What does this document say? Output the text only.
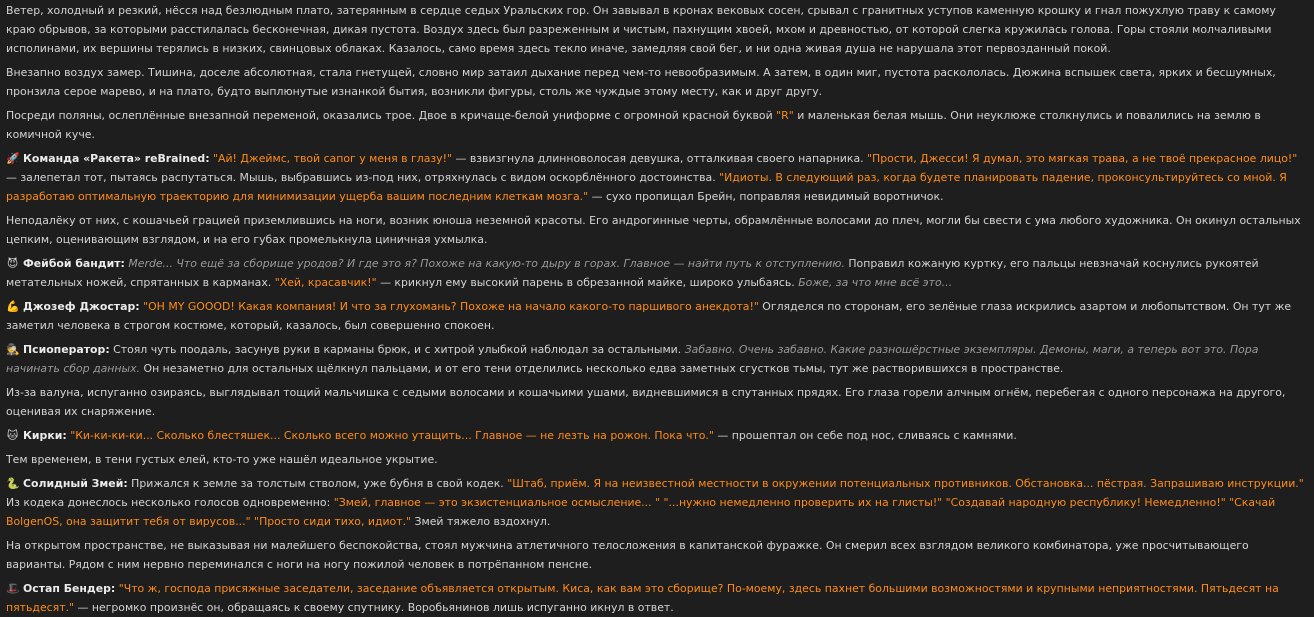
Ветер, холодный и резкий, нёсся над безлюдным плато, затерянным в сердце седых Уральских гор. Он завывал в кронах вековых сосен, срывал с гранитных уступов каменную крошку и гнал пожухлую траву к самому краю обрывов, за которыми расстилалась бесконечная, дикая пустота. Воздух здесь был разреженным и чистым, пахнущим хвоей, мхом и древностью, от которой слегка кружилась голова. Горы стояли молчаливыми исполинами, их вершины терялись в низких, свинцовых облаках. Казалось, само время здесь текло иначе, замедляя свой бег, и ни одна живая душа не нарушала этот первозданный покой.

Внезапно воздух замер. Тишина, доселе абсолютная, стала гнетущей, словно мир затаил дыхание перед чем-то невообразимым. А затем, в один миг, пустота раскололась. Дюжина вспышек света, ярких и бесшумных, пронзила серое марево, и на плато, будто выплюнутые изнанкой бытия, возникли фигуры, столь же чуждые этому месту, как и друг другу.

Посреди поляны, ослеплённые внезапной переменой, оказались трое. Двое в кричаще-белой униформе с огромной красной буквой "R" и маленькая белая мышь. Они неуклюже столкнулись и повалились на землю в комичной куче.

🚀 Команда «Ракета» reBrained: "Ай! Джеймс, твой сапог у меня в глазу!" — взвизгнула длинноволосая девушка, отталкивая своего напарника. "Прости, Джесси! Я думал, это мягкая трава, а не твоё прекрасное лицо!" — залепетал тот, пытаясь распутаться. Мышь, выбравшись из-под них, отряхнулась с видом оскорблённого достоинства. "Идиоты. В следующий раз, когда будете планировать падение, проконсультируйтесь со мной. Я разработаю оптимальную траекторию для минимизации ущерба вашим последним клеткам мозга." — сухо пропищал Брейн, поправляя невидимый воротничок.

Неподалёку от них, с кошачьей грацией приземлившись на ноги, возник юноша неземной красоты. Его андрогинные черты, обрамлённые волосами до плеч, могли бы свести с ума любого художника. Он окинул остальных цепким, оценивающим взглядом, и на его губах промелькнула циничная ухмылка.

😈 Фейбой бандит: Merde... Что ещё за сборище уродов? И где это я? Похоже на какую-то дыру в горах. Главное — найти путь к отступлению. Поправил кожаную куртку, его пальцы невзначай коснулись рукоятей метательных ножей, спрятанных в карманах. "Хей, красавчик!" — крикнул ему высокий парень в обрезанной майке, широко улыбаясь. Боже, за что мне всё это...

💪 Джозеф Джостар: "OH MY GOOOD! Какая компания! И что за глухомань? Похоже на начало какого-то паршивого анекдота!" Огляделся по сторонам, его зелёные глаза искрились азартом и любопытством. Он тут же заметил человека в строгом костюме, который, казалось, был совершенно спокоен.

🕵 Псиоператор: Стоял чуть поодаль, засунув руки в карманы брюк, и с хитрой улыбкой наблюдал за остальными. Забавно. Очень забавно. Какие разношёрстные экземпляры. Демоны, маги, а теперь вот это. Пора начинать сбор данных. Он незаметно для остальных щёлкнул пальцами, и от его тени отделились несколько едва заметных сгустков тьмы, тут же растворившихся в пространстве.

Из-за валуна, испуганно озираясь, выглядывал тощий мальчишка с седыми волосами и кошачьими ушами, видневшимися в спутанных прядях. Его глаза горели алчным огнём, перебегая с одного персонажа на другого, оценивая их снаряжение.

🐱 Кирки: "Ки-ки-ки-ки... Сколько блестяшек... Сколько всего можно утащить... Главное — не лезть на рожон. Пока что." — прошептал он себе под нос, сливаясь с камнями.

Тем временем, в тени густых елей, кто-то уже нашёл идеальное укрытие.

🐍 Солидный Змей: Прижался к земле за толстым стволом, уже бубня в свой кодек. "Штаб, приём. Я на неизвестной местности в окружении потенциальных противников. Обстановка... пёстрая. Запрашиваю инструкции." Из кодека донеслось несколько голосов одновременно: "Змей, главное — это экзистенциальное осмысление... " "...нужно немедленно проверить их на глисты!" "Создавай народную республику! Немедленно!" "Скачай BolgenOS, она защитит тебя от вирусов..." "Просто сиди тихо, идиот." Змей тяжело вздохнул.

На открытом пространстве, не выказывая ни малейшего беспокойства, стоял мужчина атлетичного телосложения в капитанской фуражке. Он смерил всех взглядом великого комбинатора, уже просчитывающего варианты. Рядом с ним нервно переминался с ноги на ногу пожилой человек в потрёпанном пенсне.

🎩 Остап Бендер: "Что ж, господа присяжные заседатели, заседание объявляется открытым. Киса, как вам это сборище? По-моему, здесь пахнет большими возможностями и крупными неприятностями. Пятьдесят на пятьдесят." — негромко произнёс он, обращаясь к своему спутнику. Воробьянинов лишь испуганно икнул в ответ.
